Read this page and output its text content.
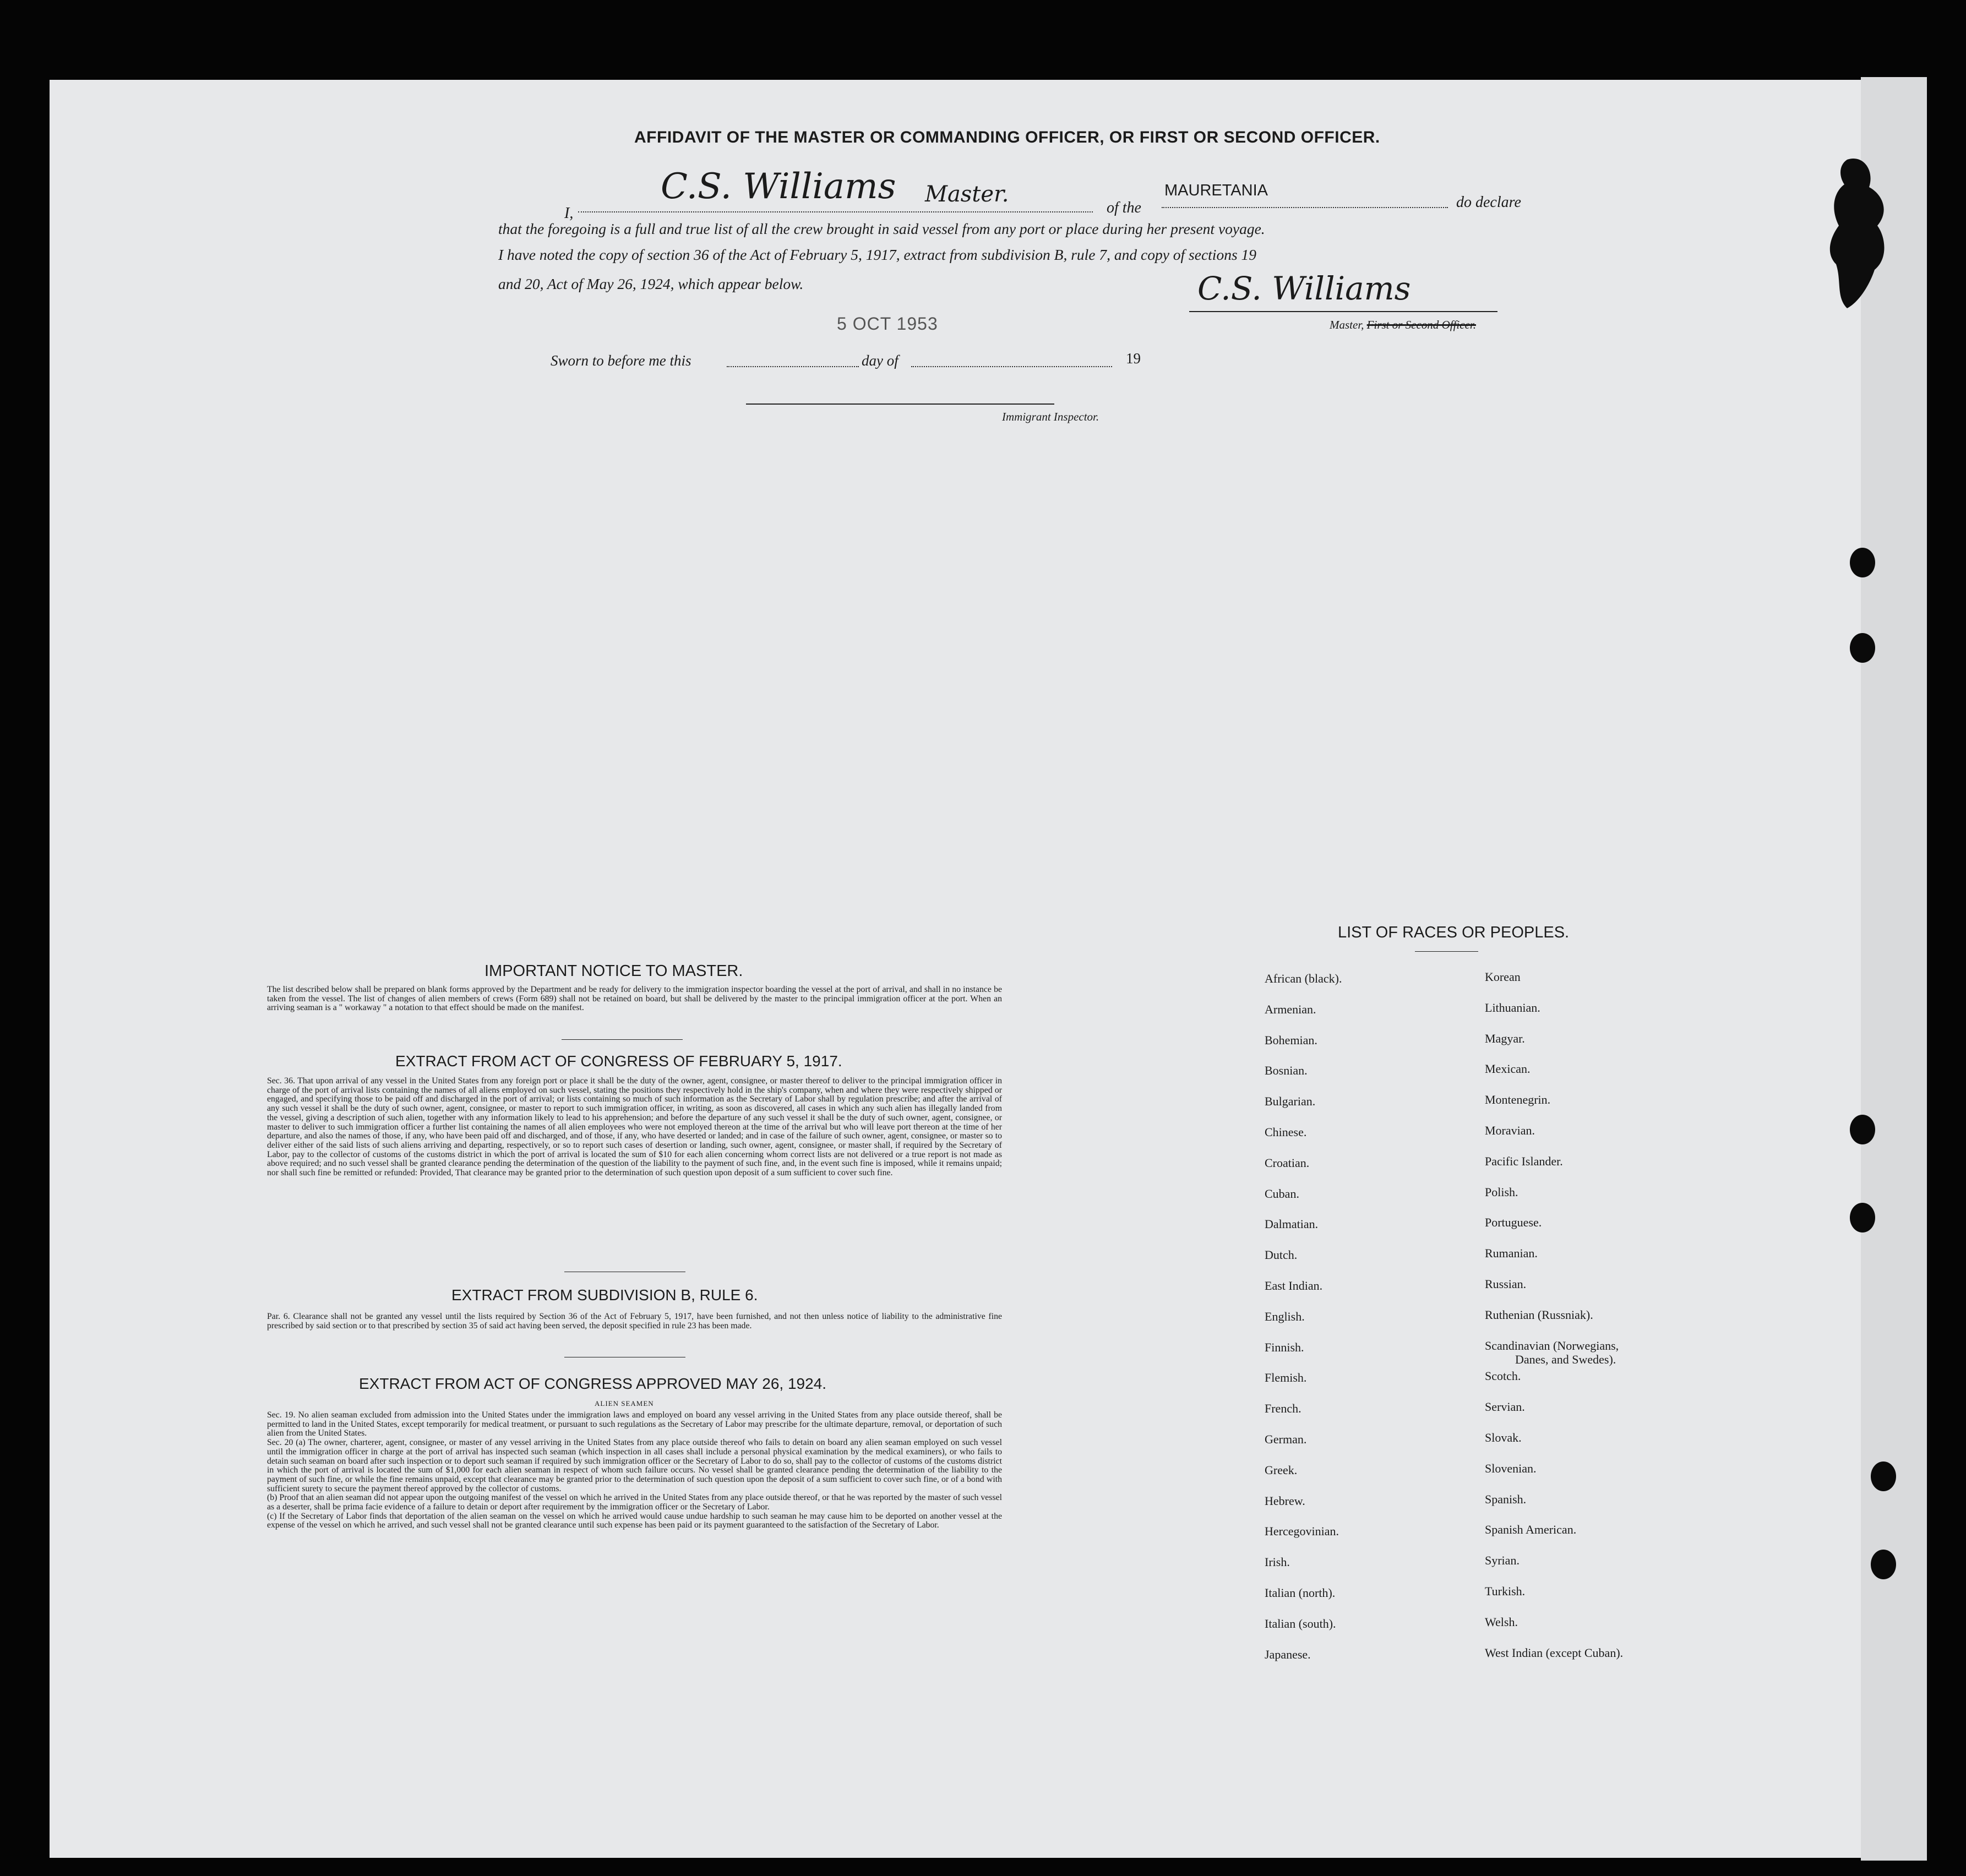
AFFIDAVIT OF THE MASTER OR COMMANDING OFFICER, OR FIRST OR SECOND OFFICER.
I,
C.S. Williams Master.
of the
MAURETANIA
do declare
that the foregoing is a full and true list of all the crew brought in said vessel from any port or place during her present voyage.
I have noted the copy of section 36 of the Act of February 5, 1917, extract from subdivision B, rule 7, and copy of sections 19
and 20, Act of May 26, 1924, which appear below.	C.S. Williams
Master, First or Second Officer.
5 OCT 1953
Sworn to before me this	day of	19
Immigrant Inspector.
IMPORTANT NOTICE TO MASTER.
The list described below shall be prepared on blank forms approved by the Department and be ready for delivery to the immigration inspector boarding the vessel at the port of arrival, and shall in no instance be taken from the vessel. The list of changes of alien members of crews (Form 689) shall not be retained on board, but shall be delivered by the master to the principal immigration officer at the port. When an arriving seaman is a " workaway " a notation to that effect should be made on the manifest.
EXTRACT FROM ACT OF CONGRESS OF FEBRUARY 5, 1917.
Sec. 36. That upon arrival of any vessel in the United States from any foreign port or place it shall be the duty of the owner, agent, consignee, or master thereof to deliver to the principal immigration officer in charge of the port of arrival lists containing the names of all aliens employed on such vessel, stating the positions they respectively hold in the ship's company, when and where they were respectively shipped or engaged, and specifying those to be paid off and discharged in the port of arrival; or lists containing so much of such information as the Secretary of Labor shall by regulation prescribe; and after the arrival of any such vessel it shall be the duty of such owner, agent, consignee, or master to report to such immigration officer, in writing, as soon as discovered, all cases in which any such alien has illegally landed from the vessel, giving a description of such alien, together with any information likely to lead to his apprehension; and before the departure of any such vessel it shall be the duty of such owner, agent, consignee, or master to deliver to such immigration officer a further list containing the names of all alien employees who were not employed thereon at the time of the arrival but who will leave port thereon at the time of her departure, and also the names of those, if any, who have been paid off and discharged, and of those, if any, who have deserted or landed; and in case of the failure of such owner, agent, consignee, or master so to deliver either of the said lists of such aliens arriving and departing, respectively, or so to report such cases of desertion or landing, such owner, agent, consignee, or master shall, if required by the Secretary of Labor, pay to the collector of customs of the customs district in which the port of arrival is located the sum of $10 for each alien concerning whom correct lists are not delivered or a true report is not made as above required; and no such vessel shall be granted clearance pending the determination of the question of the liability to the payment of such fine, and, in the event such fine is imposed, while it remains unpaid; nor shall such fine be remitted or refunded: Provided, That clearance may be granted prior to the determination of such question upon deposit of a sum sufficient to cover such fine.
EXTRACT FROM SUBDIVISION B, RULE 6.
Par. 6. Clearance shall not be granted any vessel until the lists required by Section 36 of the Act of February 5, 1917, have been furnished, and not then unless notice of liability to the administrative fine prescribed by said section or to that prescribed by section 35 of said act having been served, the deposit specified in rule 23 has been made.
EXTRACT FROM ACT OF CONGRESS APPROVED MAY 26, 1924.
ALIEN SEAMEN
Sec. 19. No alien seaman excluded from admission into the United States under the immigration laws and employed on board any vessel arriving in the United States from any place outside thereof, shall be permitted to land in the United States, except temporarily for medical treatment, or pursuant to such regulations as the Secretary of Labor may prescribe for the ultimate departure, removal, or deportation of such alien from the United States.
Sec. 20 (a) The owner, charterer, agent, consignee, or master of any vessel arriving in the United States from any place outside thereof who fails to detain on board any alien seaman employed on such vessel until the immigration officer in charge at the port of arrival has inspected such seaman (which inspection in all cases shall include a personal physical examination by the medical examiners), or who fails to detain such seaman on board after such inspection or to deport such seaman if required by such immigration officer or the Secretary of Labor to do so, shall pay to the collector of customs of the customs district in which the port of arrival is located the sum of $1,000 for each alien seaman in respect of whom such failure occurs. No vessel shall be granted clearance pending the determination of the liability to the payment of such fine, or while the fine remains unpaid, except that clearance may be granted prior to the determination of such question upon the deposit of a sum sufficient to cover such fine, or of a bond with sufficient surety to secure the payment thereof approved by the collector of customs.
(b) Proof that an alien seaman did not appear upon the outgoing manifest of the vessel on which he arrived in the United States from any place outside thereof, or that he was reported by the master of such vessel as a deserter, shall be prima facie evidence of a failure to detain or deport after requirement by the immigration officer or the Secretary of Labor.
(c) If the Secretary of Labor finds that deportation of the alien seaman on the vessel on which he arrived would cause undue hardship to such seaman he may cause him to be deported on another vessel at the expense of the vessel on which he arrived, and such vessel shall not be granted clearance until such expense has been paid or its payment guaranteed to the satisfaction of the Secretary of Labor.
LIST OF RACES OR PEOPLES.
African (black).
Armenian.
Bohemian.
Bosnian.
Bulgarian.
Chinese.
Croatian.
Cuban.
Dalmatian.
Dutch.
East Indian.
English.
Finnish.
Flemish.
French.
German.
Greek.
Hebrew.
Hercegovinian.
Irish.
Italian (north).
Italian (south).
Japanese.
Korean
Lithuanian.
Magyar.
Mexican.
Montenegrin.
Moravian.
Pacific Islander.
Polish.
Portuguese.
Rumanian.
Russian.
Ruthenian (Russniak).
Scandinavian (Norwegians,
Scotch.
Servian.
Slovak.
Slovenian.
Spanish.
Spanish American.
Syrian.
Turkish.
Welsh.
West Indian (except Cuban).
Danes, and Swedes).
